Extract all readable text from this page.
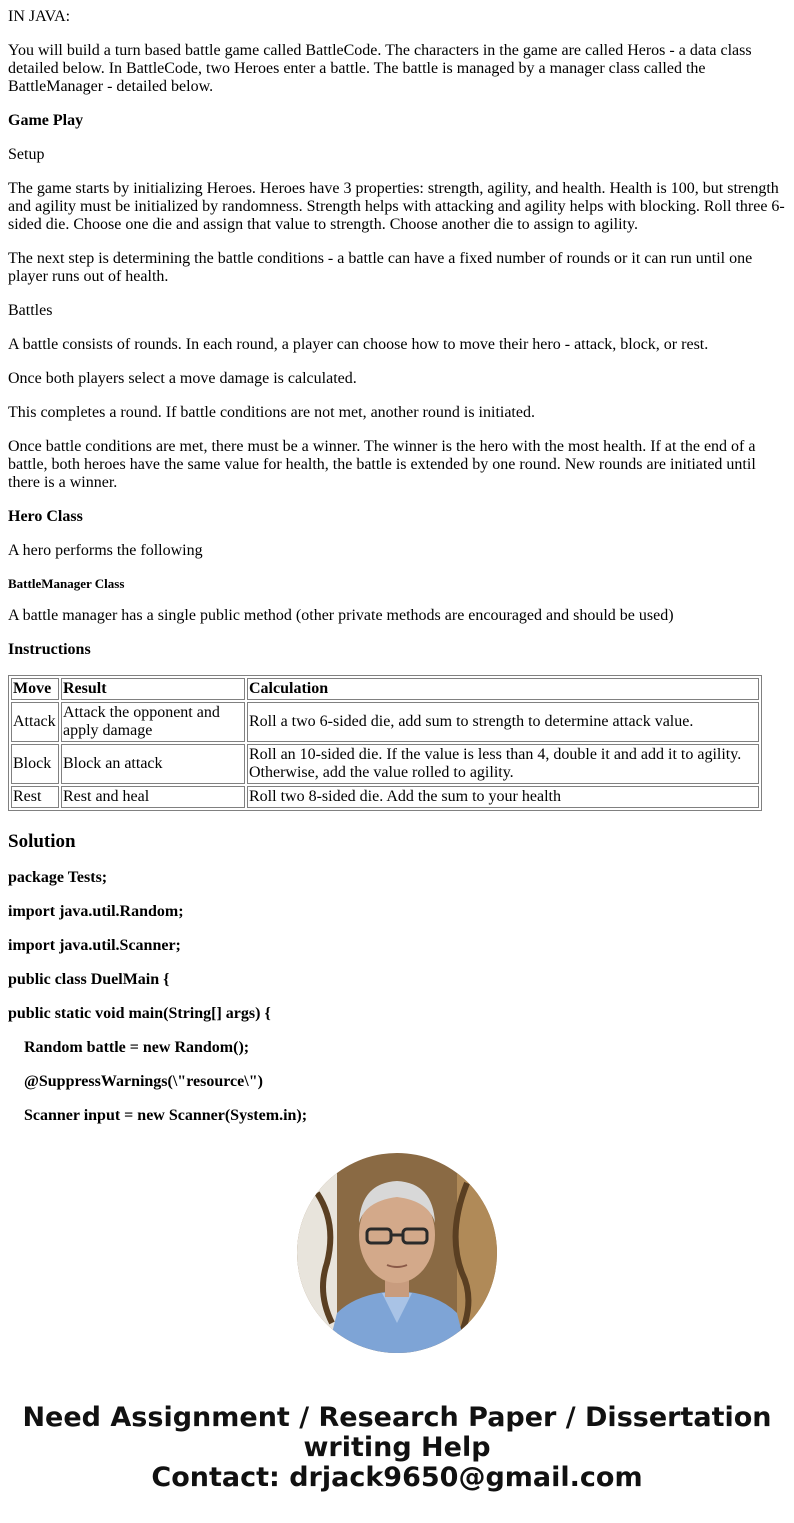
IN JAVA:

You will build a turn based battle game called BattleCode. The characters in the game are called Heros - a data class detailed below. In BattleCode, two Heroes enter a battle. The battle is managed by a manager class called the BattleManager - detailed below.

Game Play

Setup

The game starts by initializing Heroes. Heroes have 3 properties: strength, agility, and health. Health is 100, but strength and agility must be initialized by randomness. Strength helps with attacking and agility helps with blocking. Roll three 6-sided die. Choose one die and assign that value to strength. Choose another die to assign to agility.

The next step is determining the battle conditions - a battle can have a fixed number of rounds or it can run until one player runs out of health.

Battles

A battle consists of rounds. In each round, a player can choose how to move their hero - attack, block, or rest.

Once both players select a move damage is calculated.

This completes a round. If battle conditions are not met, another round is initiated.

Once battle conditions are met, there must be a winner. The winner is the hero with the most health. If at the end of a battle, both heroes have the same value for health, the battle is extended by one round. New rounds are initiated until there is a winner.

Hero Class

A hero performs the following

BattleManager Class

A battle manager has a single public method (other private methods are encouraged and should be used)

Instructions

Move	Result	Calculation
Attack	Attack the opponent and apply damage	Roll a two 6-sided die, add sum to strength to determine attack value.
Block	Block an attack	Roll an 10-sided die. If the value is less than 4, double it and add it to agility. Otherwise, add the value rolled to agility.
Rest	Rest and heal	Roll two 8-sided die. Add the sum to your health
Solution

package Tests;

import java.util.Random;

import java.util.Scanner;

public class DuelMain {

public static void main(String[] args) {

Random battle = new Random();

@SuppressWarnings(\"resource\")

Scanner input = new Scanner(System.in);

Need Assignment / Research Paper / Dissertation
writing Help
Contact: drjack9650@gmail.com
